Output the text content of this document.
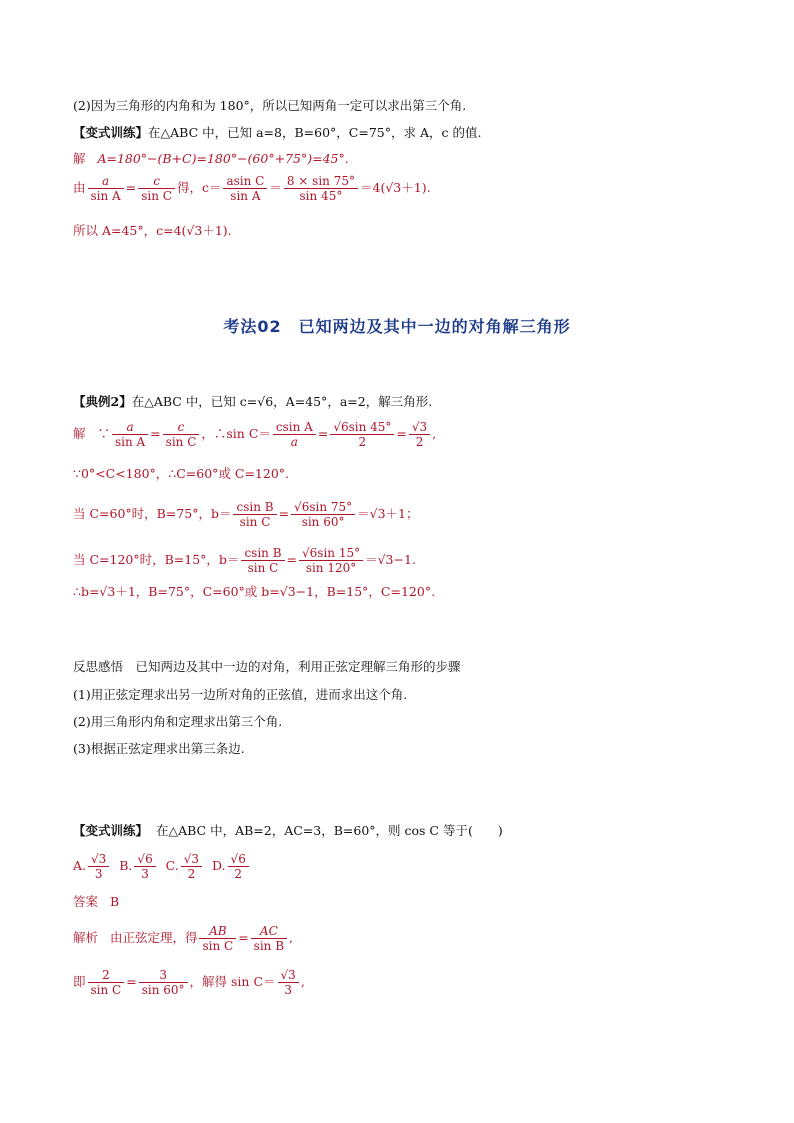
(2)因为三角形的内角和为 180°，所以已知两角一定可以求出第三个角.
【变式训练】在△ABC 中，已知 a=8，B=60°，C=75°，求 A，c 的值.
解 A=180°−(B+C)=180°−(60°+75°)=45°.
由 $\frac{a}{\text{sin A}} = \frac{c}{\text{sin C}}$ 得，$c= \frac{\text{asin C}}{\text{sin A}} = \frac{8 \times \sin 75^\circ}{\sin 45^\circ} =4(√3+1)$.
所以 A=45°，c=4(√3＋1).
考法02　已知两边及其中一边的对角解三角形
【典例2】在△ABC 中，已知 c=√6，A=45°，a=2，解三角形.
解 ∵ $\frac{a}{\text{sin A}} = \frac{c}{\text{sin C}}$ ，∴sin $C= \frac{\text{csin A}}{a} = \frac{√6\sin 45^\circ}{2} = \frac{√3}{2}$ ,
∵0°<C<180°，∴C=60°或 C=120°.
当 C=60°时，B=75°，$b= \frac{\text{csin B}}{\text{sin C}} = \frac{√6\sin 75^\circ}{\sin 60^\circ} =√3+1$；
当 C=120°时，B=15°，$b= \frac{\text{csin B}}{\text{sin C}} = \frac{√6\sin 15^\circ}{\sin 120^\circ} =√3-1$.
∴b=√3＋1，B=75°，C=60°或 b=√3−1，B=15°，C=120°.
反思感悟　已知两边及其中一边的对角，利用正弦定理解三角形的步骤
(1)用正弦定理求出另一边所对角的正弦值，进而求出这个角.
(2)用三角形内角和定理求出第三个角.
(3)根据正弦定理求出第三条边.
【变式训练】 在△ABC 中，AB=2，AC=3，B=60°，则 cos C 等于(　　)
A. $\frac{√3}{3} B$. $\frac{√6}{3} C$. $\frac{√3}{2} D$. $\frac{√6}{2}$
答案 B
解析 由正弦定理，得 $\frac{AB}{\text{sin C}} = \frac{AC}{\text{sin B}}$ ,
即 $\frac{2}{\text{sin C}} = \frac{3}{\sin 60^\circ}$ ，解得 $\sin C= \frac{√3}{3}$ ,
